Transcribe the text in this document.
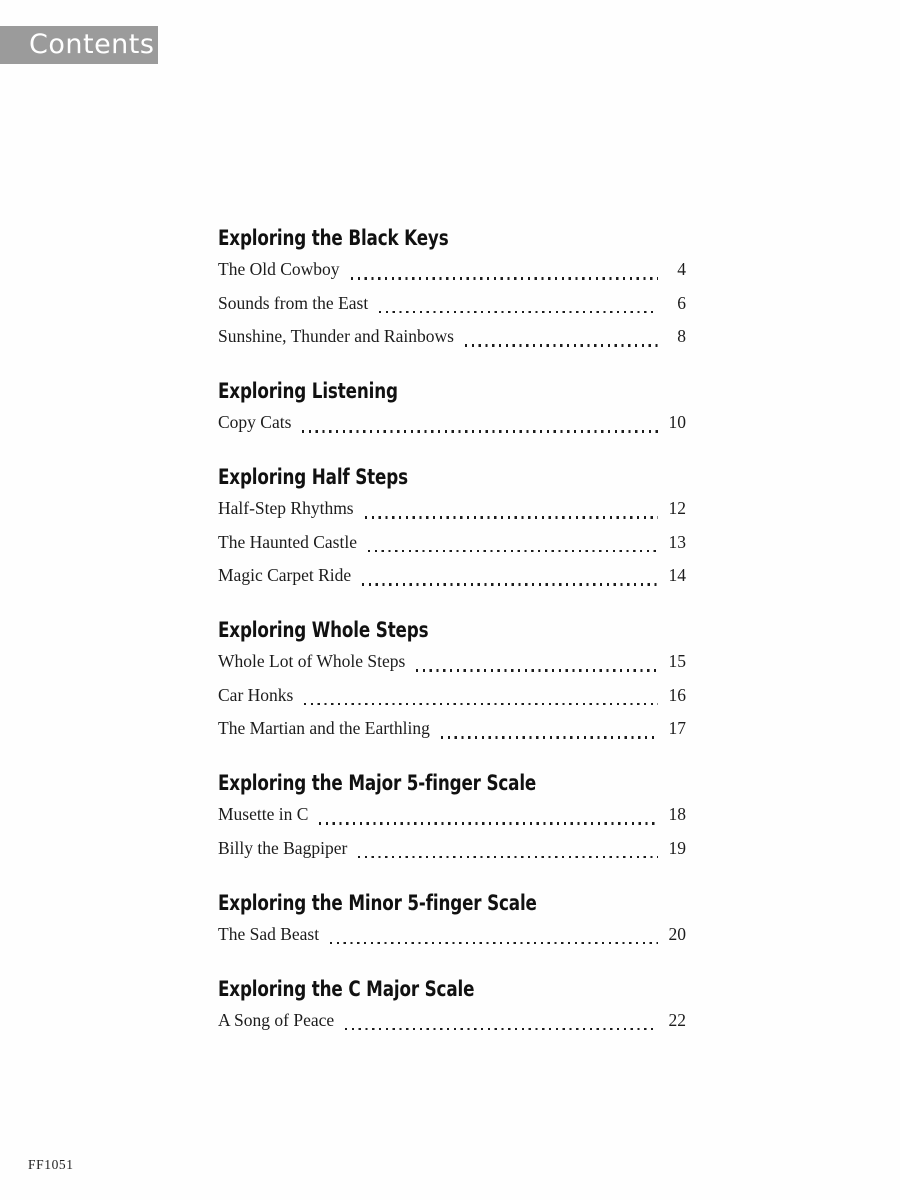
Contents
Exploring the Black Keys
The Old Cowboy	4
Sounds from the East	6
Sunshine, Thunder and Rainbows	8
Exploring Listening
Copy Cats	10
Exploring Half Steps
Half-Step Rhythms	12
The Haunted Castle	13
Magic Carpet Ride	14
Exploring Whole Steps
Whole Lot of Whole Steps	15
Car Honks	16
The Martian and the Earthling	17
Exploring the Major 5-finger Scale
Musette in C	18
Billy the Bagpiper	19
Exploring the Minor 5-finger Scale
The Sad Beast	20
Exploring the C Major Scale
A Song of Peace	22
FF1051
